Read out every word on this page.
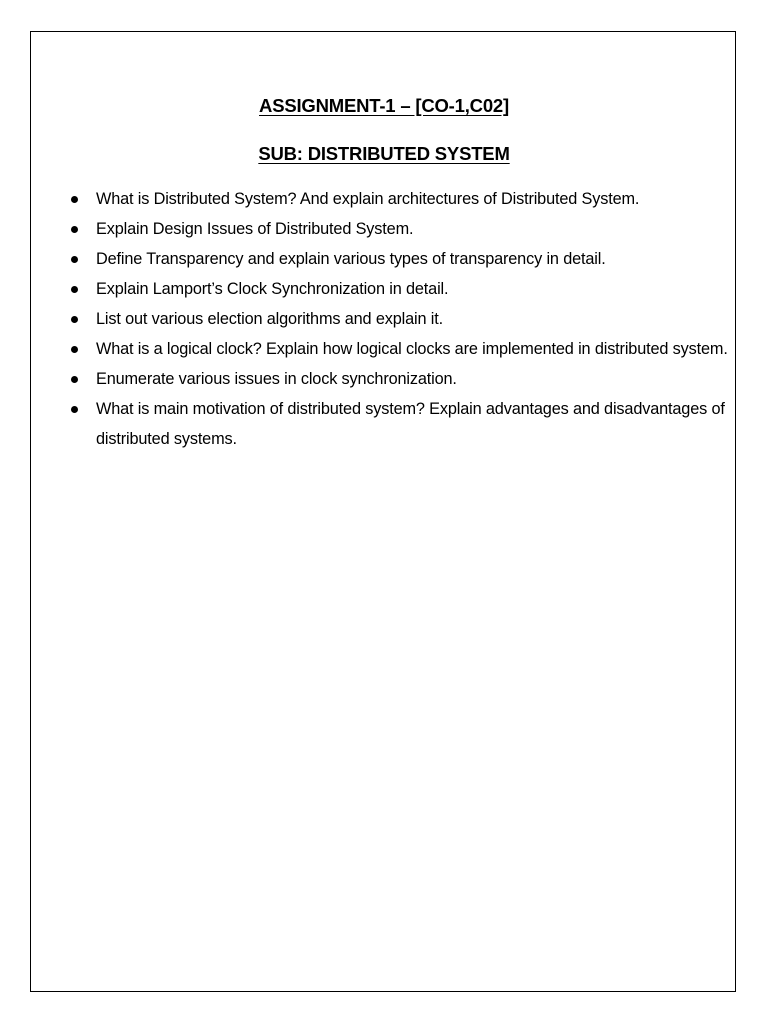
ASSIGNMENT-1 – [CO-1,C02]
SUB: DISTRIBUTED SYSTEM
What is Distributed System? And explain architectures of Distributed System.
Explain Design Issues of Distributed System.
Define Transparency and explain various types of transparency in detail.
Explain Lamport’s Clock Synchronization in detail.
List out various election algorithms and explain it.
What is a logical clock? Explain how logical clocks are implemented in distributed system.
Enumerate various issues in clock synchronization.
What is main motivation of distributed system? Explain advantages and disadvantages of distributed systems.
